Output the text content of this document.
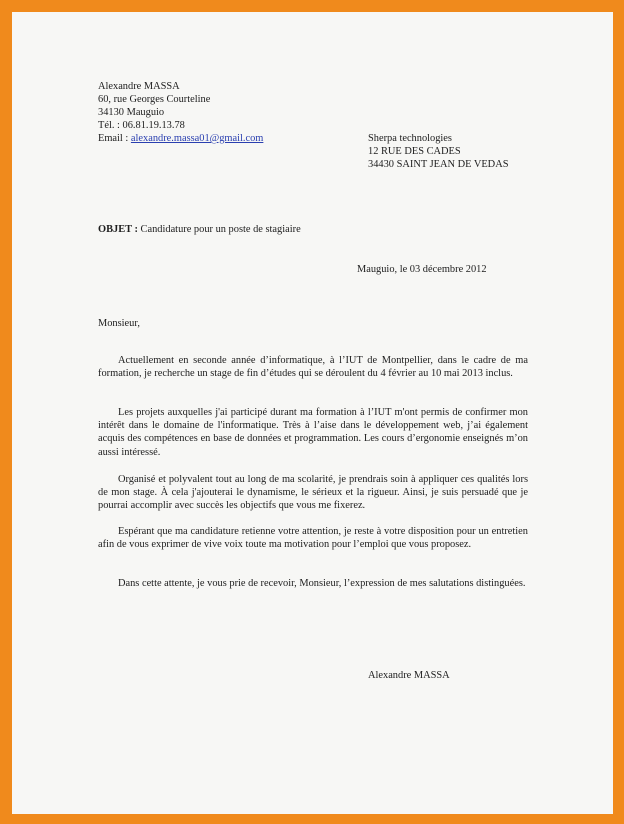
Alexandre MASSA
60, rue Georges Courteline
34130 Mauguio
Tél. : 06.81.19.13.78
Email : alexandre.massa01@gmail.com	Sherpa technologies
12 RUE DES CADES
34430 SAINT JEAN DE VEDAS
OBJET : Candidature pour un poste de stagiaire
Mauguio, le 03 décembre 2012
Monsieur,
Actuellement en seconde année d’informatique, à l’IUT de Montpellier, dans le cadre de ma formation, je recherche un stage de fin d’études qui se déroulent du 4 février au 10 mai 2013 inclus.
Les projets auxquelles j'ai participé durant ma formation à l’IUT m'ont permis de confirmer mon intérêt dans le domaine de l'informatique. Très à l’aise dans le développement web, j’ai également acquis des compétences en base de données et programmation. Les cours d’ergonomie enseignés m’on aussi intéressé.
Organisé et polyvalent tout au long de ma scolarité, je prendrais soin à appliquer ces qualités lors de mon stage. À cela j'ajouterai le dynamisme, le sérieux et la rigueur. Ainsi, je suis persuadé que je pourrai accomplir avec succès les objectifs que vous me fixerez.
Espérant que ma candidature retienne votre attention, je reste à votre disposition pour un entretien afin de vous exprimer de vive voix toute ma motivation pour l’emploi que vous proposez.
Dans cette attente, je vous prie de recevoir, Monsieur, l’expression de mes salutations distinguées.
Alexandre MASSA
